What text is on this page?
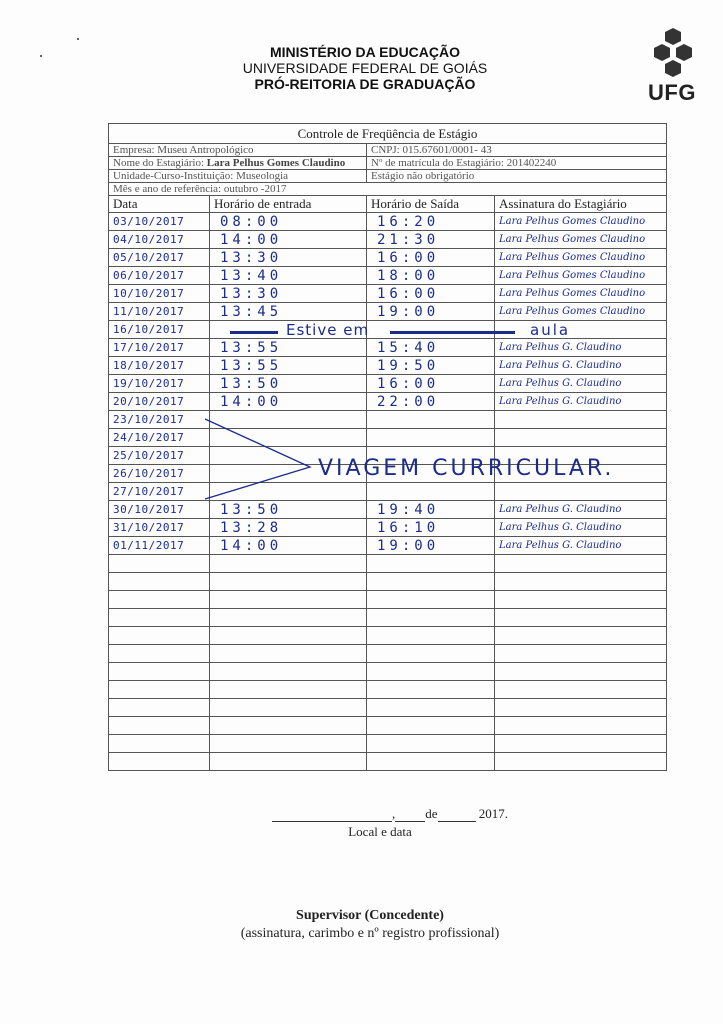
MINISTÉRIO DA EDUCAÇÃO
UNIVERSIDADE FEDERAL DE GOIÁS
PRÓ-REITORIA DE GRADUAÇÃO	UFG
Controle de Freqüência de Estágio			
Empresa: Museu Antropológico		CNPJ: 015.67601/0001- 43	
Nome do Estagiário: Lara Pelhus Gomes Claudino		Nº de matrícula do Estagiário: 201402240	
Unidade-Curso-Instituição: Museologia		Estágio não obrigatório	
Mês e ano de referência: outubro -2017			
Data	Horário de entrada	Horário de Saída	Assinatura do Estagiário
03/10/2017	08:00	16:20	Lara Pelhus Gomes Claudino
04/10/2017	14:00	21:30	Lara Pelhus Gomes Claudino
05/10/2017	13:30	16:00	Lara Pelhus Gomes Claudino
06/10/2017	13:40	18:00	Lara Pelhus Gomes Claudino
10/10/2017	13:30	16:00	Lara Pelhus Gomes Claudino
11/10/2017	13:45	19:00	Lara Pelhus Gomes Claudino
16/10/2017			
17/10/2017	13:55	15:40	Lara Pelhus G. Claudino
18/10/2017	13:55	19:50	Lara Pelhus G. Claudino
19/10/2017	13:50	16:00	Lara Pelhus G. Claudino
20/10/2017	14:00	22:00	Lara Pelhus G. Claudino
23/10/2017			
24/10/2017			
25/10/2017			
26/10/2017			
27/10/2017			
30/10/2017	13:50	19:40	Lara Pelhus G. Claudino
31/10/2017	13:28	16:10	Lara Pelhus G. Claudino
01/11/2017	14:00	19:00	Lara Pelhus G. Claudino

Estive em	aula
VIAGEM CURRICULAR.
, de	2017.
Local e data
Supervisor (Concedente)
(assinatura, carimbo e nº registro profissional)
